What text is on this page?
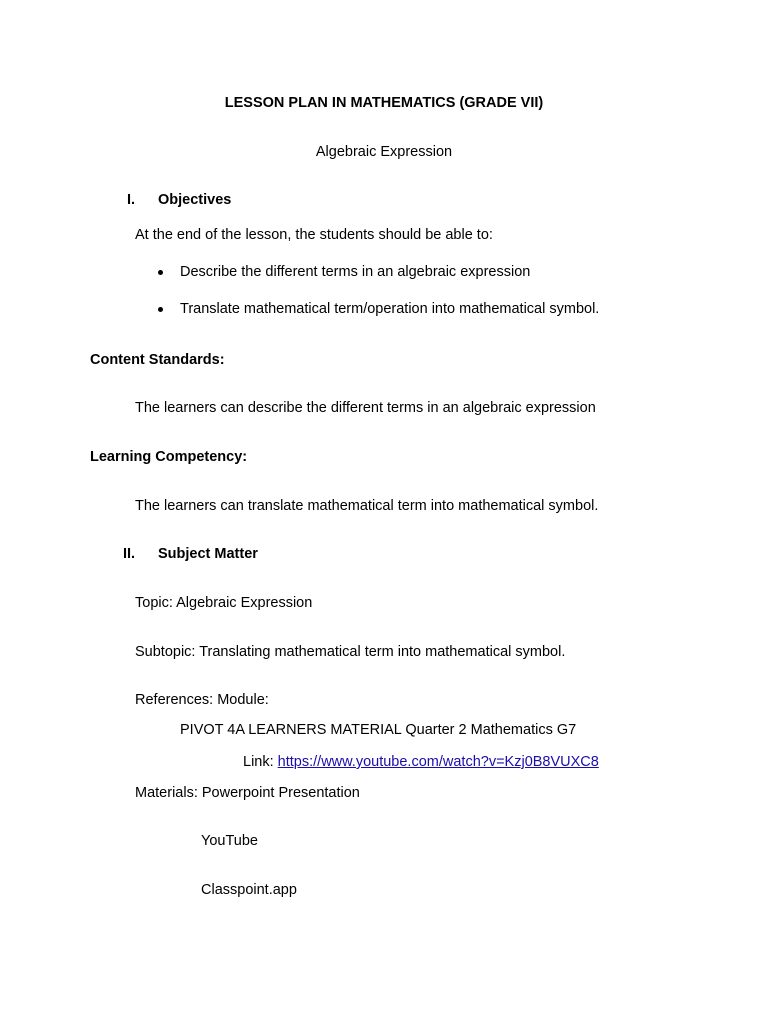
LESSON PLAN IN MATHEMATICS (GRADE VII)
Algebraic Expression
I. Objectives
At the end of the lesson, the students should be able to:
Describe the different terms in an algebraic expression
Translate mathematical term/operation into mathematical symbol.
Content Standards:
The learners can describe the different terms in an algebraic expression
Learning Competency:
The learners can translate mathematical term into mathematical symbol.
II. Subject Matter
Topic: Algebraic Expression
Subtopic: Translating mathematical term into mathematical symbol.
References: Module:
PIVOT 4A LEARNERS MATERIAL Quarter 2 Mathematics G7
Link: https://www.youtube.com/watch?v=Kzj0B8VUXC8
Materials: Powerpoint Presentation
YouTube
Classpoint.app
